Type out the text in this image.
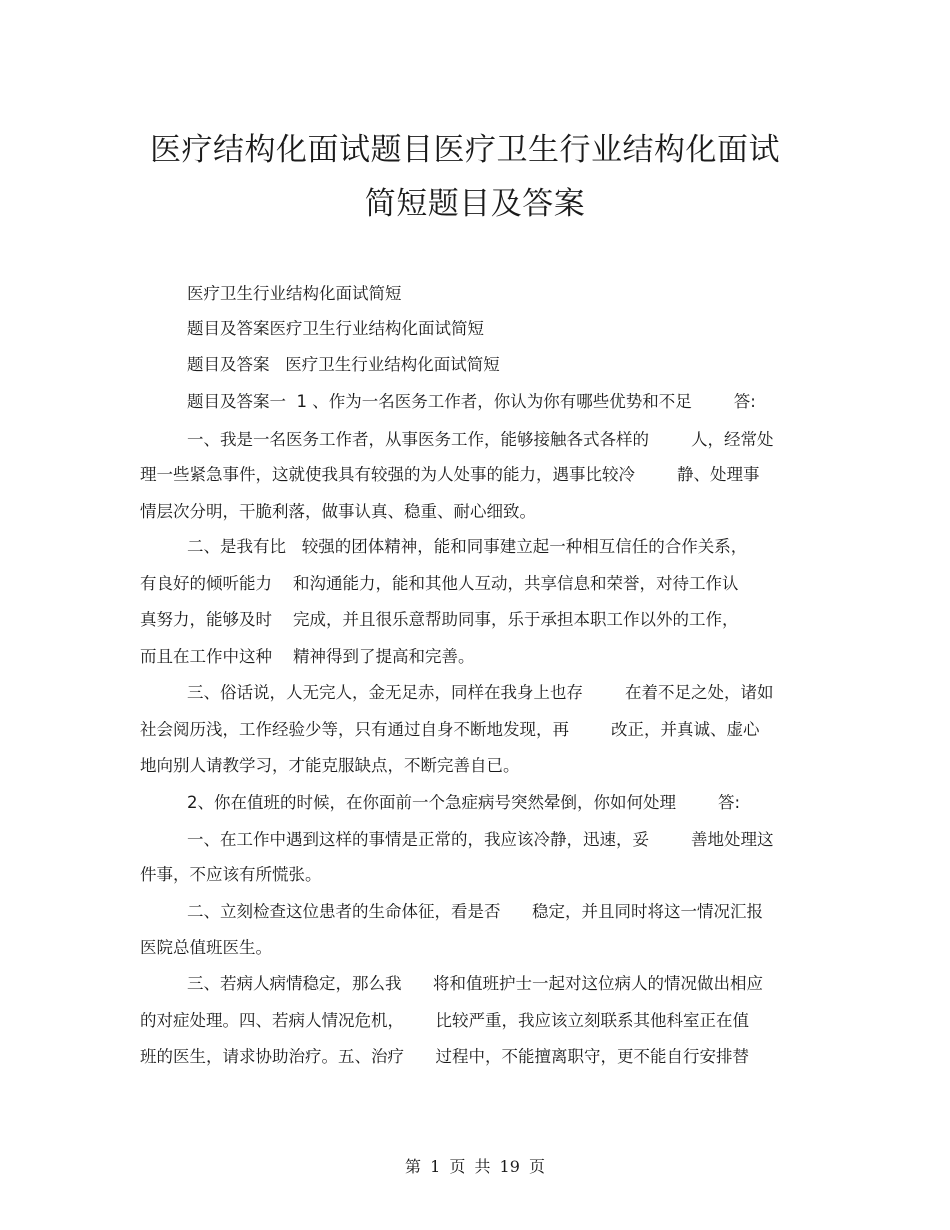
医疗结构化面试题目医疗卫生行业结构化面试
简短题目及答案
医疗卫生行业结构化面试简短
题目及答案医疗卫生行业结构化面试简短
题目及答案   医疗卫生行业结构化面试简短
题目及答案一  1 、作为一名医务工作者，你认为你有哪些优势和不足        答:
一、我是一名医务工作者，从事医务工作，能够接触各式各样的        人，经常处
理一些紧急事件，这就使我具有较强的为人处事的能力，遇事比较冷        静、处理事
情层次分明，干脆利落，做事认真、稳重、耐心细致。
二、是我有比   较强的团体精神，能和同事建立起一种相互信任的合作关系，
有良好的倾听能力    和沟通能力，能和其他人互动，共享信息和荣誉，对待工作认
真努力，能够及时    完成，并且很乐意帮助同事，乐于承担本职工作以外的工作，
而且在工作中这种    精神得到了提高和完善。
三、俗话说，人无完人，金无足赤，同样在我身上也存        在着不足之处，诸如
社会阅历浅，工作经验少等，只有通过自身不断地发现，再        改正，并真诚、虚心
地向别人请教学习，才能克服缺点，不断完善自已。
2、你在值班的时候，在你面前一个急症病号突然晕倒，你如何处理        答:
一、在工作中遇到这样的事情是正常的，我应该冷静，迅速，妥        善地处理这
件事，不应该有所慌张。
二、立刻检查这位患者的生命体征，看是否      稳定，并且同时将这一情况汇报
医院总值班医生。
三、若病人病情稳定，那么我      将和值班护士一起对这位病人的情况做出相应
的对症处理。四、若病人情况危机，      比较严重，我应该立刻联系其他科室正在值
班的医生，请求协助治疗。五、治疗      过程中，不能擅离职守，更不能自行安排替
第 1 页 共 19 页
